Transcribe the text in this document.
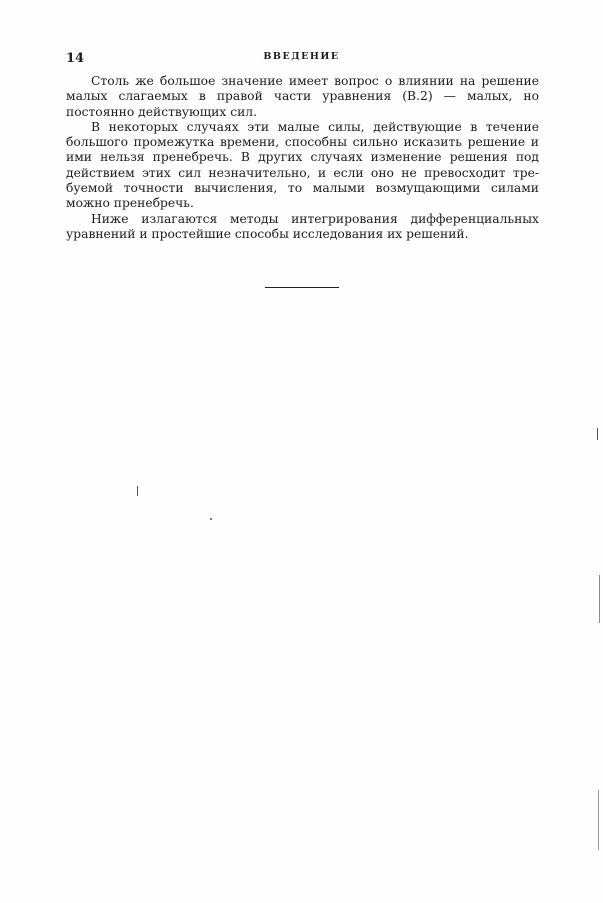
14	ВВЕДЕНИЕ

Столь же большое значение имеет вопрос о влиянии на решение малых слагаемых в правой части уравнения (В.2) — малых, но постоянно действующих сил.

В некоторых случаях эти малые силы, действующие в течение большого промежутка времени, способны сильно исказить решение и ими нельзя пренебречь. В других случаях изменение решения под действием этих сил незначительно, и если оно не превосходит требуемой точности вычисления, то малыми возмущающими силами можно пренебречь.

Ниже излагаются методы интегрирования дифференциальных уравнений и простейшие способы исследования их решений.
